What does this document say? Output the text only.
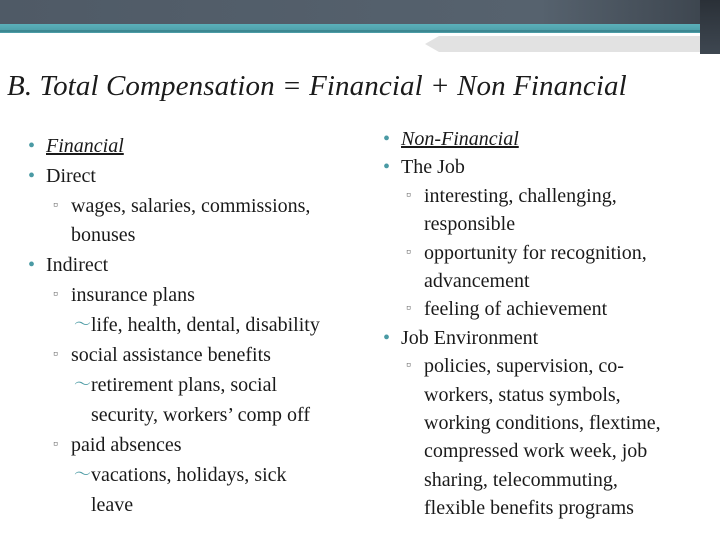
B. Total Compensation = Financial + Non Financial
• Financial
• Direct
▫ wages, salaries, commissions,
bonuses
• Indirect
▫ insurance plans
〜 life, health, dental, disability
▫ social assistance benefits
〜 retirement plans, social
security, workers’ comp off
▫ paid absences
〜 vacations, holidays, sick
leave
• Non-Financial
• The Job
▫ interesting, challenging,
responsible
▫ opportunity for recognition,
advancement
▫ feeling of achievement
• Job Environment
▫ policies, supervision, co-
workers, status symbols,
working conditions, flextime,
compressed work week, job
sharing, telecommuting,
flexible benefits programs
